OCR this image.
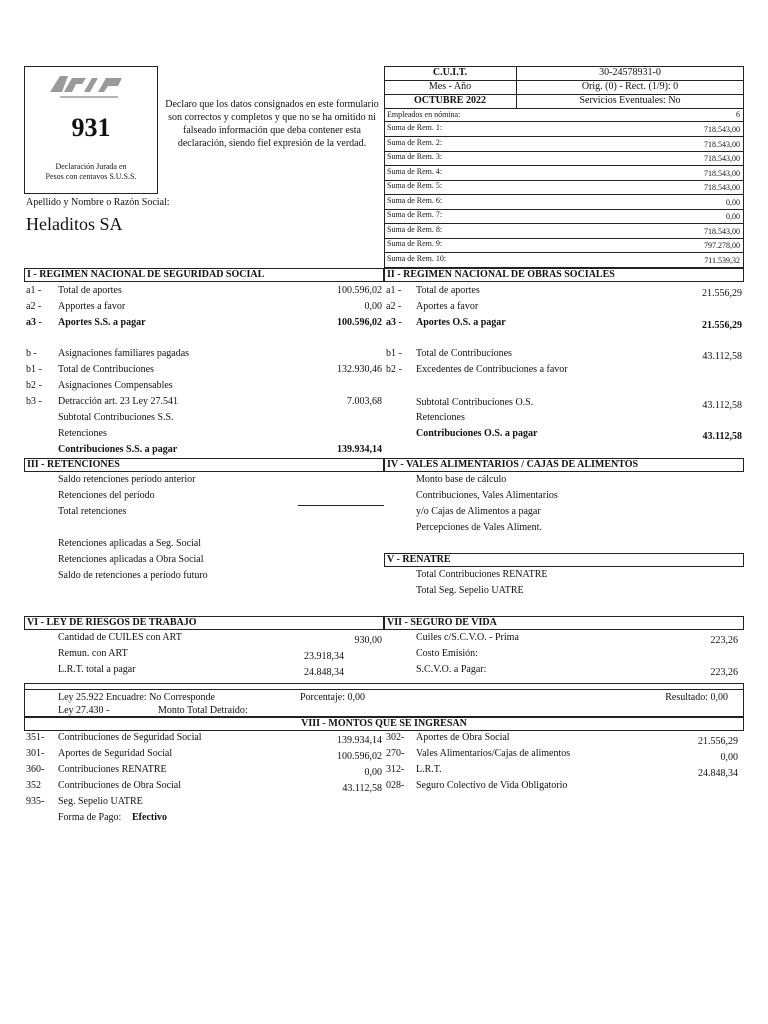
931
Declaración Jurada en
Pesos con centavos S.U.S.S.
Declaro que los datos consignados en este formulario son correctos y completos y que no se ha omitido ni falseado información que deba contener esta declaración, siendo fiel expresión de la verdad.
C.U.I.T.	30-24578931-0
Mes - Año	Orig. (0) - Rect. (1/9): 0
OCTUBRE 2022	Servicios Eventuales: No
Empleados en nómina:	6
Suma de Rem. 1:	718.543,00
Suma de Rem. 2:	718.543,00
Suma de Rem. 3:	718.543,00
Suma de Rem. 4:	718.543,00
Suma de Rem. 5:	718.543,00
Suma de Rem. 6:	0,00
Suma de Rem. 7:	0,00
Suma de Rem. 8:	718.543,00
Suma de Rem. 9:	797.278,00
Suma de Rem. 10:	711.539,32
Apellido y Nombre o Razón Social:
Heladitos SA
I - REGIMEN NACIONAL DE SEGURIDAD SOCIAL	II - REGIMEN NACIONAL DE OBRAS SOCIALES
a1 - Total de aportes	100.596,02
a2 - Apportes a favor	0,00
a3 - Aportes S.S. a pagar	100.596,02
b - Asignaciones familiares pagadas
b1 - Total de Contribuciones	132.930,46
b2 - Asignaciones Compensables
b3 - Detracción art. 23 Ley 27.541	7.003,68
Subtotal Contribuciones S.S.
Retenciones
Contribuciones S.S. a pagar	139.934,14
a1 - Total de aportes	21.556,29
a2 - Aportes a favor
a3 - Aportes O.S. a pagar	21.556,29
b1 - Total de Contribuciones	43.112,58
b2 - Excedentes de Contribuciones a favor
Subtotal Contribuciones O.S.	43.112,58
Retenciones
Contribuciones O.S. a pagar	43.112,58
III - RETENCIONES	IV - VALES ALIMENTARIOS / CAJAS DE ALIMENTOS
Saldo retenciones período anterior
Retenciones del período
Total retenciones
Retenciones aplicadas a Seg. Social
Retenciones aplicadas a Obra Social
Saldo de retenciones a período futuro
Monto base de cálculo
Contribuciones, Vales Alimentarios
y/o Cajas de Alimentos a pagar
Percepciones de Vales Aliment.
V - RENATRE
Total Contribuciones RENATRE
Total Seg. Sepelio UATRE
VI - LEY DE RIESGOS DE TRABAJO	VII - SEGURO DE VIDA
Cantidad de CUILES con ART	930,00
Remun. con ART	23.918,34
L.R.T. total a pagar	24.848,34
Cuiles c/S.C.V.O. - Prima	223,26
Costo Emisión:
S.C.V.O. a Pagar:	223,26
Ley 25.922 Encuadre: No Corresponde	Porcentaje: 0,00	Resultado: 0,00
Ley 27.430 -	Monto Total Detraído:
VIII - MONTOS QUE SE INGRESAN
351- Contribuciones de Seguridad Social	139.934,14
301- Aportes de Seguridad Social	100.596,02
360- Contribuciones RENATRE	0,00
352 Contribuciones de Obra Social	43.112,58
935- Seg. Sepelio UATRE
302- Aportes de Obra Social	21.556,29
270- Vales Alimentarios/Cajas de alimentos	0,00
312- L.R.T.	24.848,34
028- Seguro Colectivo de Vida Obligatorio
Forma de Pago: Efectivo
